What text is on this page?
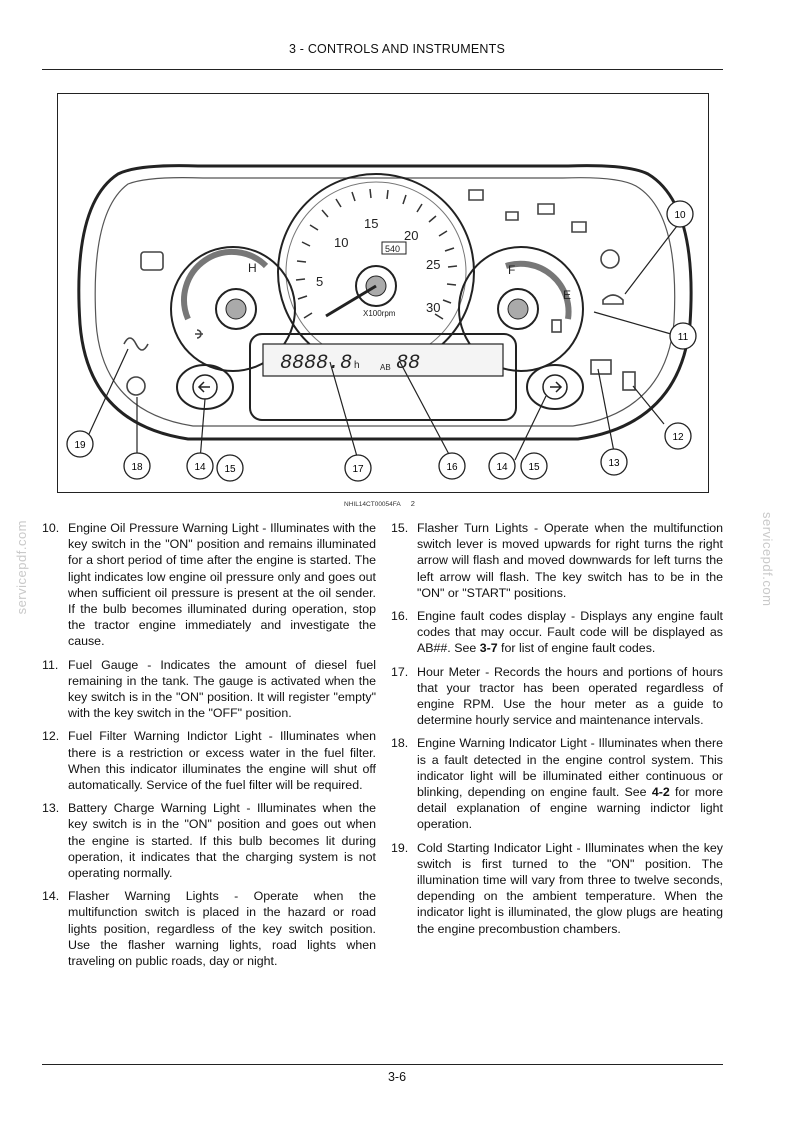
3 - CONTROLS AND INSTRUMENTS
5
10
15
20
25
30
540
X100rpm
H	F
E
8888.8 h	AB 88
10
11
12
13
14 15
16
17
14 15
18
19
NHIL14CT00054FA 2
servicepdf.com	servicepdf.com
10. Engine Oil Pressure Warning Light - Illuminates with the key switch in the "ON" position and remains illuminated for a short period of time after the engine is started. The light indicates low engine oil pressure only and goes out when sufficient oil pressure is present at the oil sender. If the bulb becomes illuminated during operation, stop the tractor engine immediately and investigate the cause.
11. Fuel Gauge - Indicates the amount of diesel fuel remaining in the tank. The gauge is activated when the key switch is in the "ON" position. It will register "empty" with the key switch in the "OFF" position.
12. Fuel Filter Warning Indictor Light - Illuminates when there is a restriction or excess water in the fuel filter. When this indicator illuminates the engine will shut off automatically. Service of the fuel filter will be required.
13. Battery Charge Warning Light - Illuminates when the key switch is in the "ON" position and goes out when the engine is started. If this bulb becomes lit during operation, it indicates that the charging system is not operating normally.
14. Flasher Warning Lights - Operate when the multifunction switch is placed in the hazard or road lights position, regardless of the key switch position. Use the flasher warning lights, road lights when traveling on public roads, day or night.
15. Flasher Turn Lights - Operate when the multifunction switch lever is moved upwards for right turns the right arrow will flash and moved downwards for left turns the left arrow will flash. The key switch has to be in the "ON" or "START" positions.
16. Engine fault codes display - Displays any engine fault codes that may occur. Fault code will be displayed as AB##. See 3-7 for list of engine fault codes.
17. Hour Meter - Records the hours and portions of hours that your tractor has been operated regardless of engine RPM. Use the hour meter as a guide to determine hourly service and maintenance intervals.
18. Engine Warning Indicator Light - Illuminates when there is a fault detected in the engine control system. This indicator light will be illuminated either continuous or blinking, depending on engine fault. See 4-2 for more detail explanation of engine warning indictor light operation.
19. Cold Starting Indicator Light - Illuminates when the key switch is first turned to the "ON" position. The illumination time will vary from three to twelve seconds, depending on the ambient temperature. When the indicator light is illuminated, the glow plugs are heating the engine precombustion chambers.
3-6
